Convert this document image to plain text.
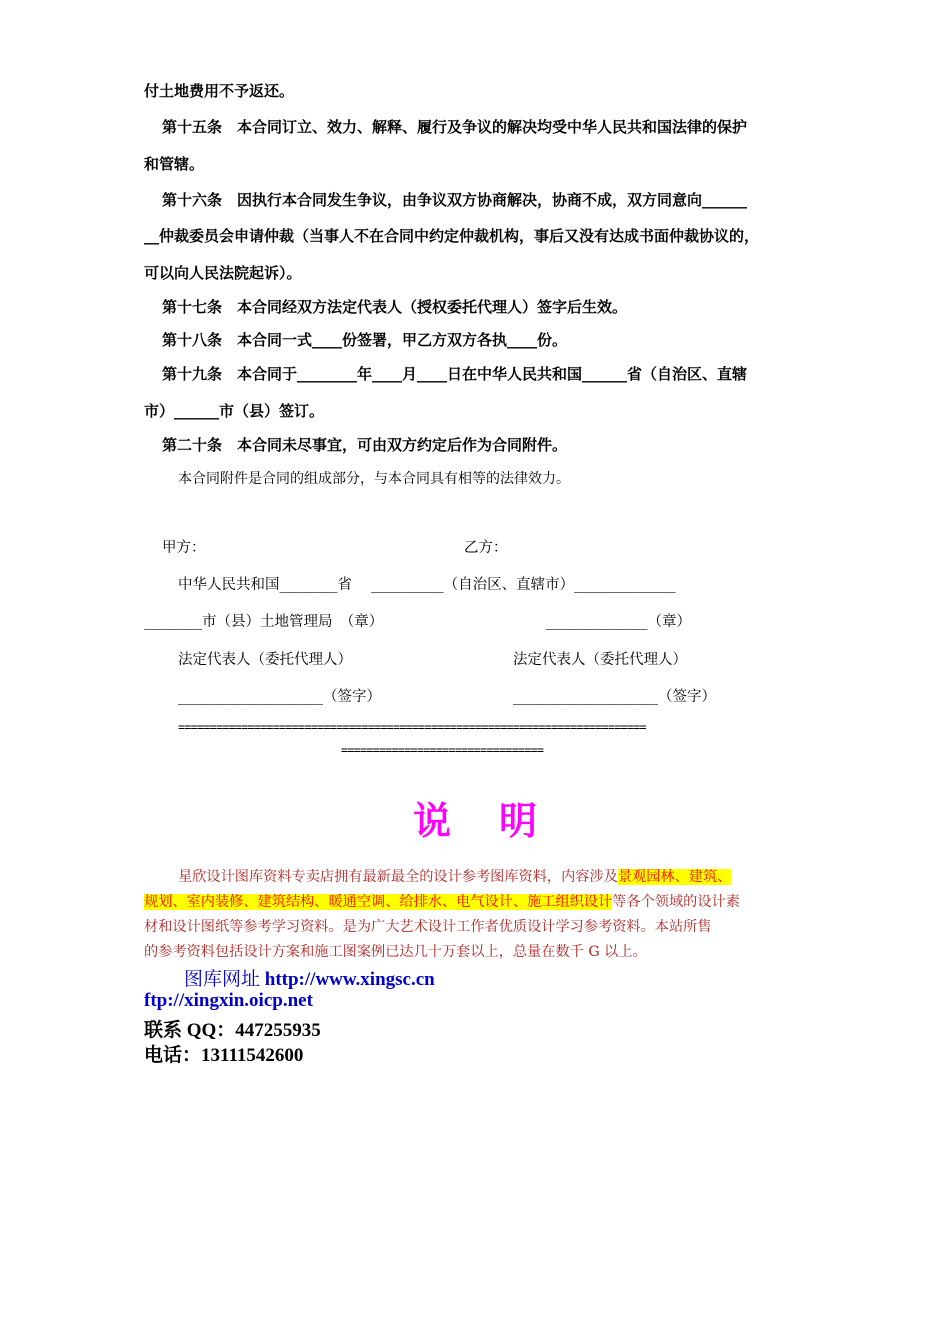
付土地费用不予返还。
第十五条　本合同订立、效力、解释、履行及争议的解决均受中华人民共和国法律的保护
和管辖。
第十六条　因执行本合同发生争议，由争议双方协商解决，协商不成，双方同意向______
__仲裁委员会申请仲裁（当事人不在合同中约定仲裁机构，事后又没有达成书面仲裁协议的，
可以向人民法院起诉）。
第十七条　本合同经双方法定代表人（授权委托代理人）签字后生效。
第十八条　本合同一式____份签署，甲乙方双方各执____份。
第十九条　本合同于________年____月____日在中华人民共和国______省（自治区、直辖
市）______市（县）签订。
第二十条　本合同未尽事宜，可由双方约定后作为合同附件。
本合同附件是合同的组成部分，与本合同具有相等的法律效力。
甲方：	乙方：
中华人民共和国________省　 __________（自治区、直辖市）______________
________市（县）土地管理局　（章）	______________（章）
法定代表人（委托代理人）	法定代表人（委托代理人）
____________________（签字）	____________________（签字）
==========================================================================
================================
说明
星欣设计图库资料专卖店拥有最新最全的设计参考图库资料，内容涉及景观园林、建筑、
规划、室内装修、建筑结构、暖通空调、给排水、电气设计、施工组织设计等各个领域的设计素
材和设计图纸等参考学习资料。是为广大艺术设计工作者优质设计学习参考资料。本站所售
的参考资料包括设计方案和施工图案例已达几十万套以上，总量在数千 G 以上。
图库网址 http://www.xingsc.cn
ftp://xingxin.oicp.net
联系 QQ：447255935
电话：13111542600
